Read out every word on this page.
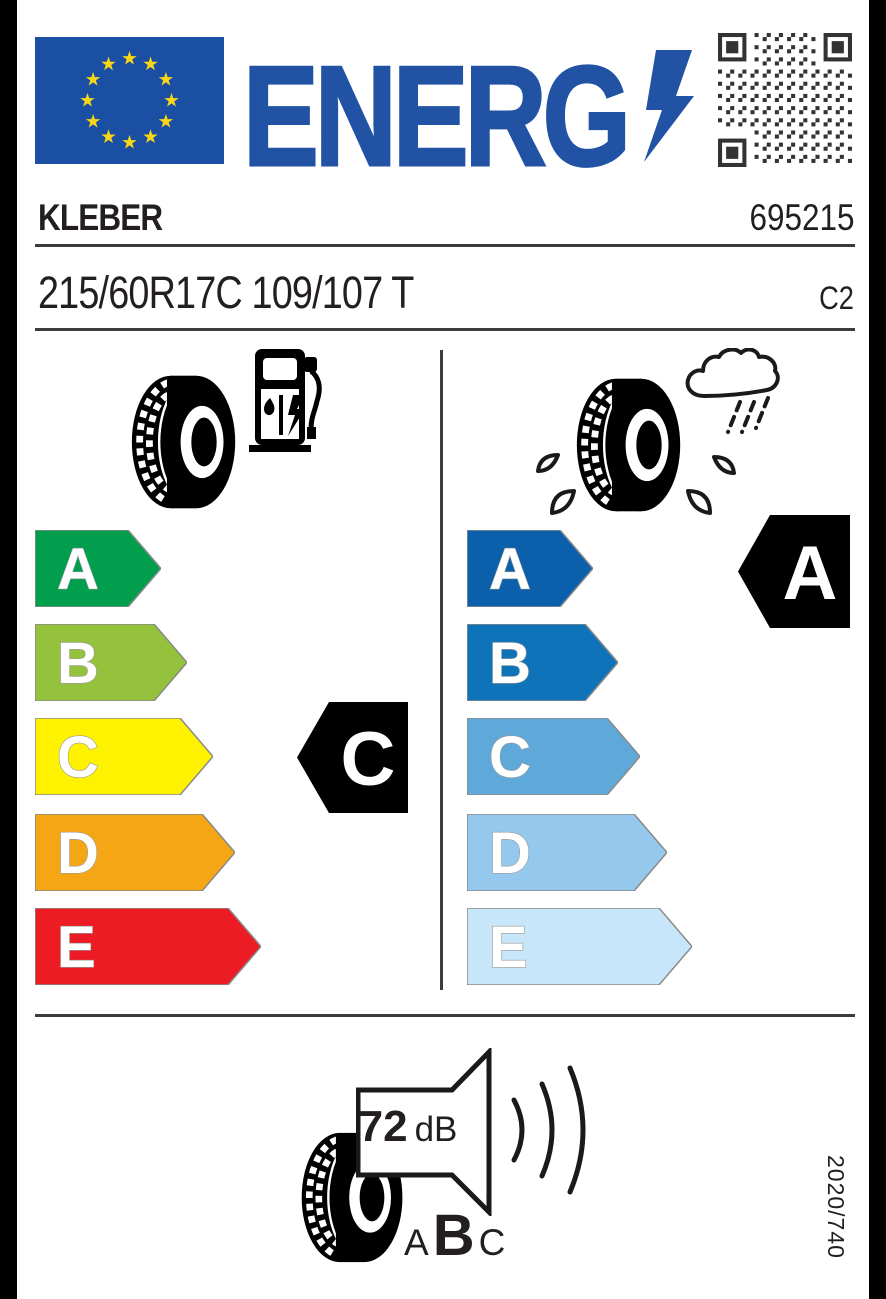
ENERG
KLEBER	695215
215/60R17C 109/107 T	C2
A
B
C
D
E
C
A
B
C
D
E
A
72 dB
A B C	2020/740
